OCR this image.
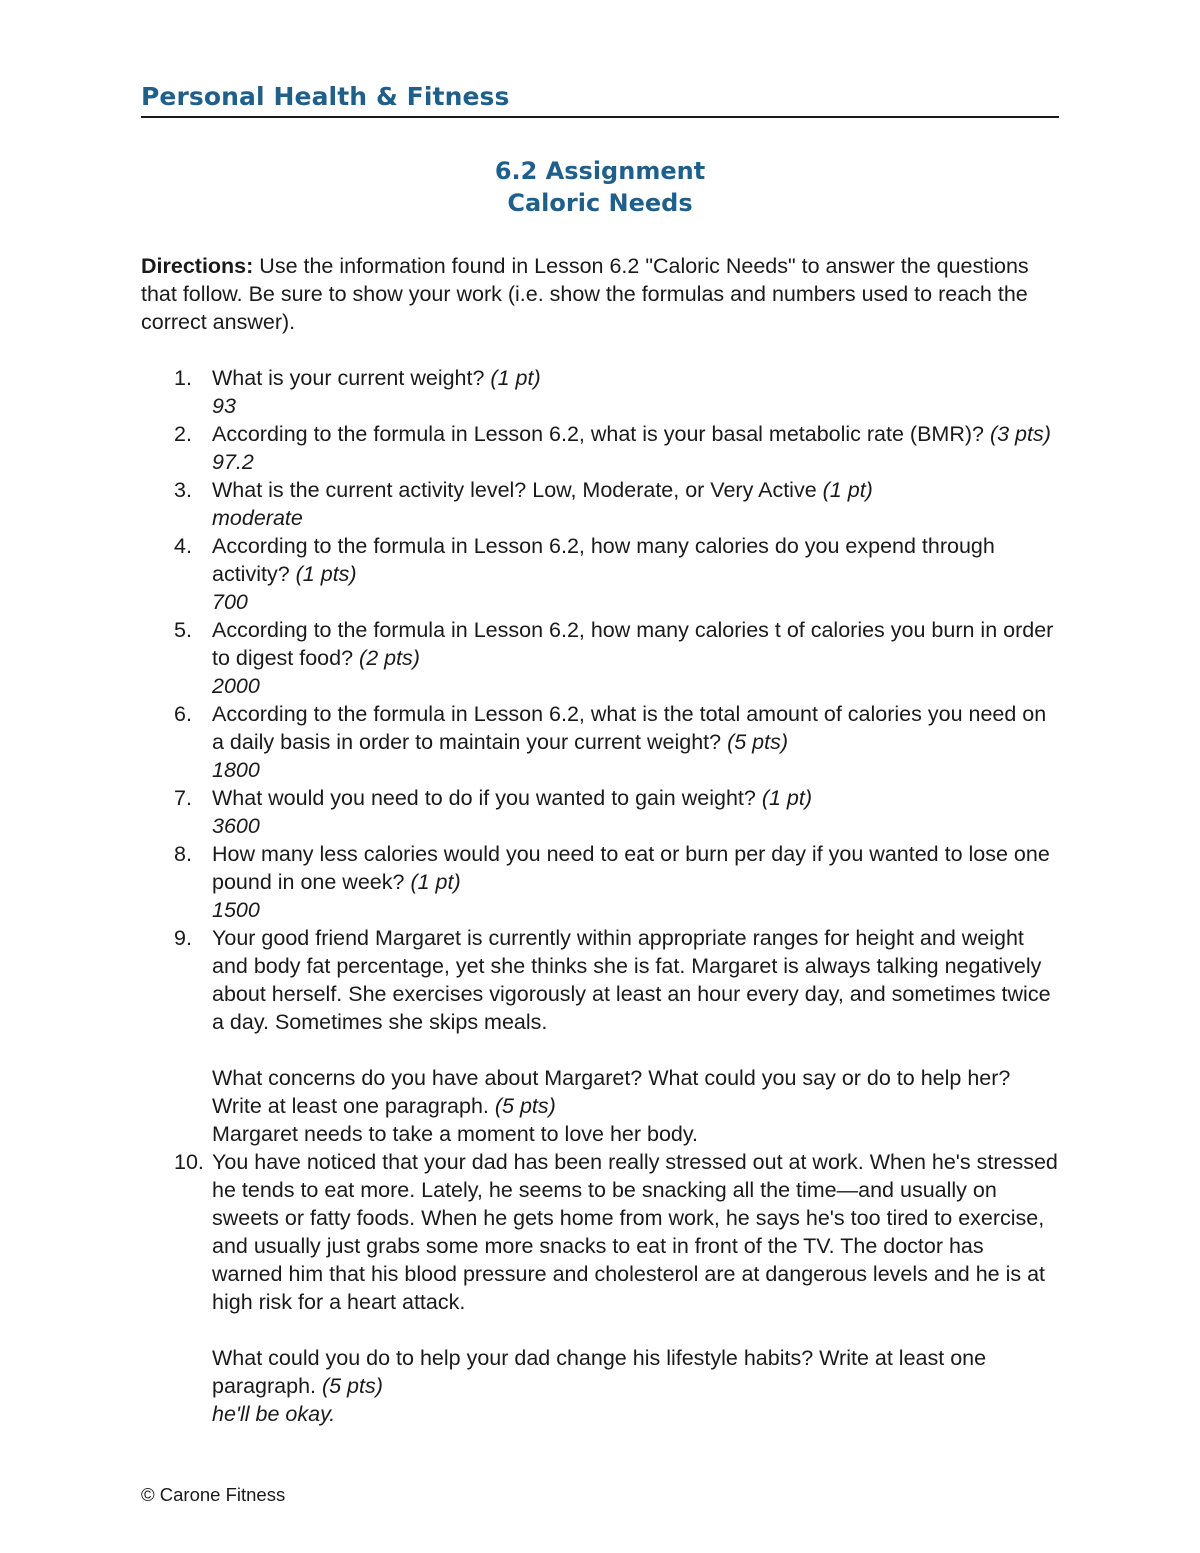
Personal Health & Fitness
6.2 Assignment
Caloric Needs

Directions: Use the information found in Lesson 6.2 "Caloric Needs" to answer the questions that follow. Be sure to show your work (i.e. show the formulas and numbers used to reach the correct answer).

1. What is your current weight? (1 pt)
93
2. According to the formula in Lesson 6.2, what is your basal metabolic rate (BMR)? (3 pts)
97.2
3. What is the current activity level? Low, Moderate, or Very Active (1 pt)
moderate
4. According to the formula in Lesson 6.2, how many calories do you expend through activity? (1 pts)
700
5. According to the formula in Lesson 6.2, how many calories t of calories you burn in order to digest food? (2 pts)
2000
6. According to the formula in Lesson 6.2, what is the total amount of calories you need on a daily basis in order to maintain your current weight? (5 pts)
1800
7. What would you need to do if you wanted to gain weight? (1 pt)
3600
8. How many less calories would you need to eat or burn per day if you wanted to lose one pound in one week? (1 pt)
1500
9. Your good friend Margaret is currently within appropriate ranges for height and weight and body fat percentage, yet she thinks she is fat. Margaret is always talking negatively about herself. She exercises vigorously at least an hour every day, and sometimes twice a day. Sometimes she skips meals.
What concerns do you have about Margaret? What could you say or do to help her? Write at least one paragraph. (5 pts)
Margaret needs to take a moment to love her body.
10. You have noticed that your dad has been really stressed out at work. When he's stressed he tends to eat more. Lately, he seems to be snacking all the time—and usually on sweets or fatty foods. When he gets home from work, he says he's too tired to exercise, and usually just grabs some more snacks to eat in front of the TV. The doctor has warned him that his blood pressure and cholesterol are at dangerous levels and he is at high risk for a heart attack.
What could you do to help your dad change his lifestyle habits? Write at least one paragraph. (5 pts)
he'll be okay.
© Carone Fitness
